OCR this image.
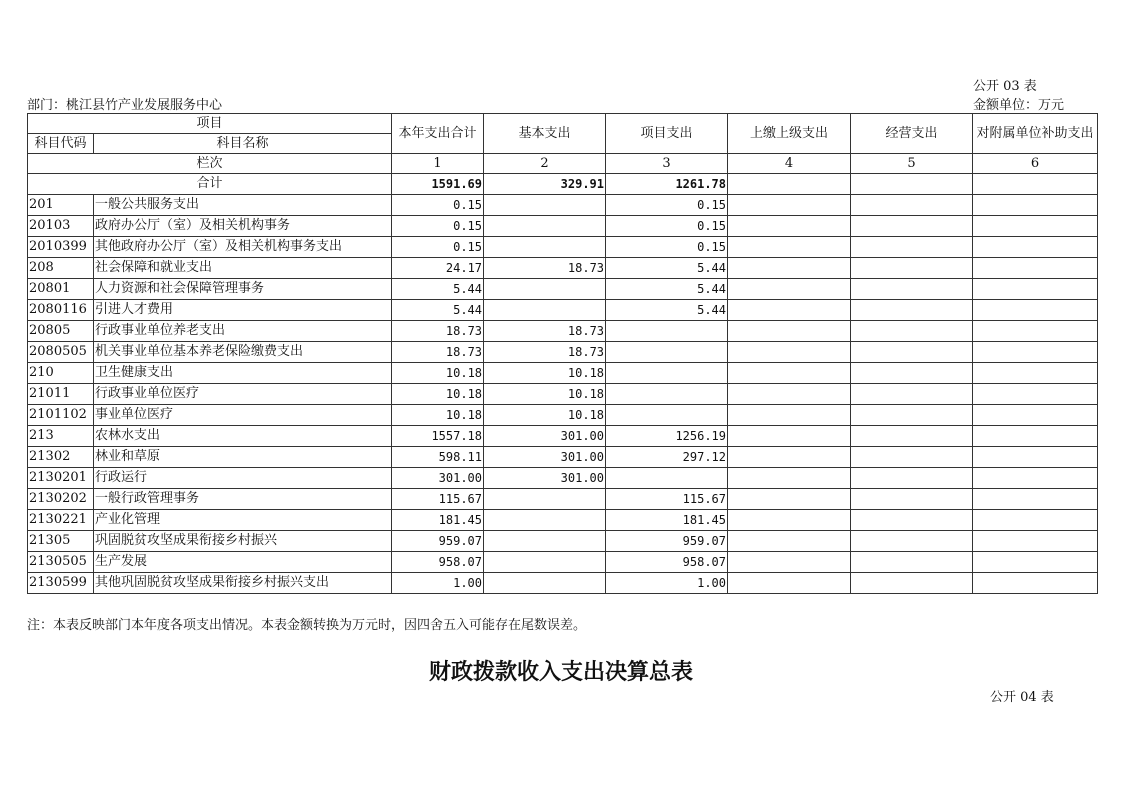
公开 03 表
部门：桃江县竹产业发展服务中心	金额单位：万元
项目		本年支出合计	基本支出	项目支出	上缴上级支出	经营支出	对附属单位补助支出
科目代码	科目名称						
栏次		1	2	3	4	5	6
合计		1591.69	329.91	1261.78			
201	一般公共服务支出	0.15		0.15			
20103	政府办公厅（室）及相关机构事务	0.15		0.15			
2010399	其他政府办公厅（室）及相关机构事务支出	0.15		0.15			
208	社会保障和就业支出	24.17	18.73	5.44			
20801	人力资源和社会保障管理事务	5.44		5.44			
2080116	引进人才费用	5.44		5.44			
20805	行政事业单位养老支出	18.73	18.73				
2080505	机关事业单位基本养老保险缴费支出	18.73	18.73				
210	卫生健康支出	10.18	10.18				
21011	行政事业单位医疗	10.18	10.18				
2101102	事业单位医疗	10.18	10.18				
213	农林水支出	1557.18	301.00	1256.19			
21302	林业和草原	598.11	301.00	297.12			
2130201	行政运行	301.00	301.00				
2130202	一般行政管理事务	115.67		115.67			
2130221	产业化管理	181.45		181.45			
21305	巩固脱贫攻坚成果衔接乡村振兴	959.07		959.07			
2130505	生产发展	958.07		958.07			
2130599	其他巩固脱贫攻坚成果衔接乡村振兴支出	1.00		1.00			
注：本表反映部门本年度各项支出情况。本表金额转换为万元时，因四舍五入可能存在尾数误差。
财政拨款收入支出决算总表
公开 04 表
